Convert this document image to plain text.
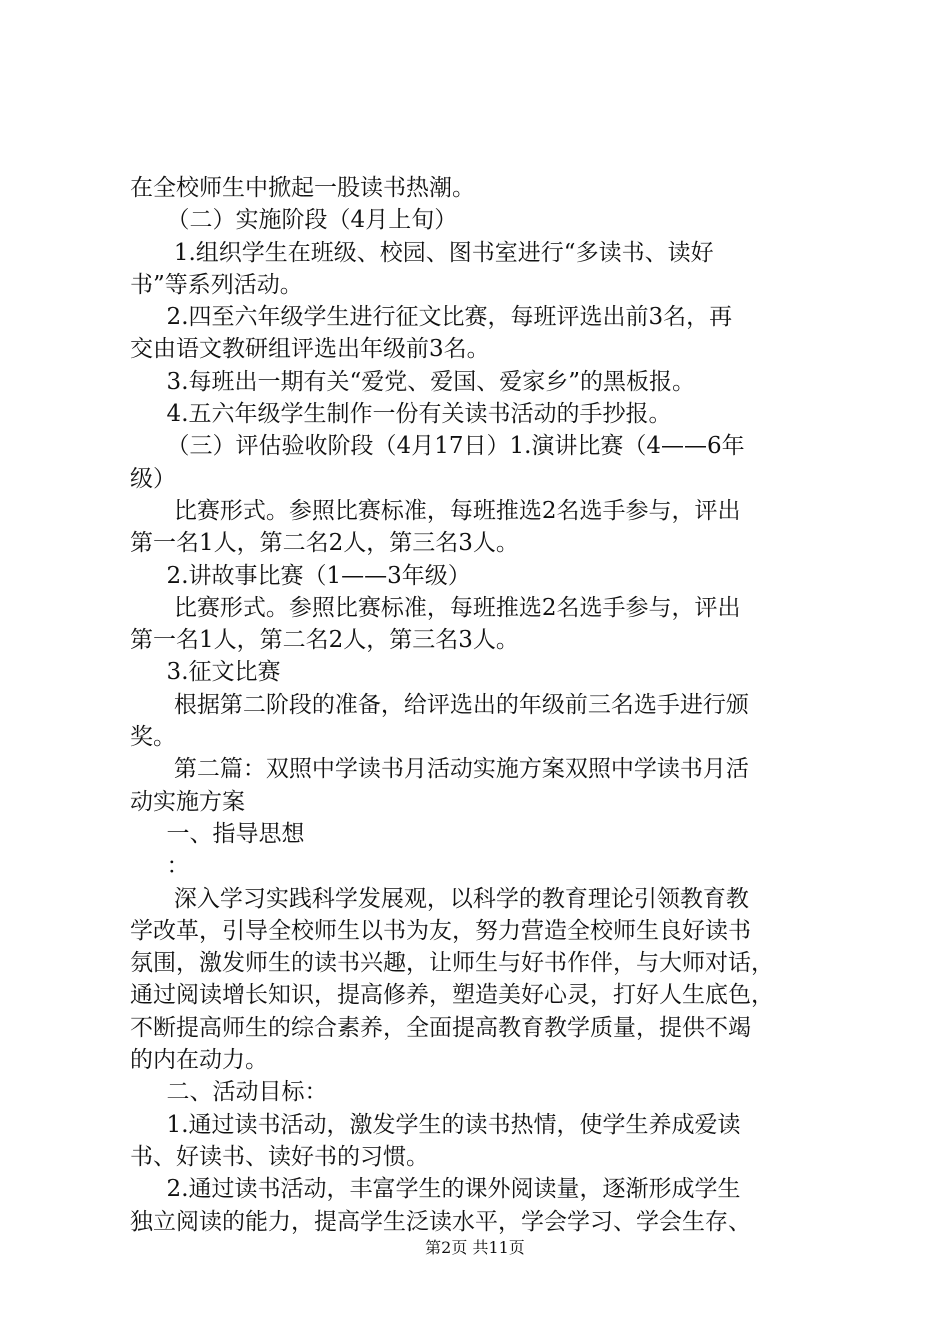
在全校师生中掀起一股读书热潮。
（二）实施阶段（4月上旬）
1.组织学生在班级、校园、图书室进行“多读书、读好
书”等系列活动。
2.四至六年级学生进行征文比赛，每班评选出前3名，再
交由语文教研组评选出年级前3名。
3.每班出一期有关“爱党、爱国、爱家乡”的黑板报。
4.五六年级学生制作一份有关读书活动的手抄报。
（三）评估验收阶段（4月17日）1.演讲比赛（4——6年
级）
比赛形式。参照比赛标准，每班推选2名选手参与，评出
第一名1人，第二名2人，第三名3人。
2.讲故事比赛（1——3年级）
比赛形式。参照比赛标准，每班推选2名选手参与，评出
第一名1人，第二名2人，第三名3人。
3.征文比赛
根据第二阶段的准备，给评选出的年级前三名选手进行颁
奖。
第二篇：双照中学读书月活动实施方案双照中学读书月活
动实施方案
一、指导思想
：
深入学习实践科学发展观，以科学的教育理论引领教育教
学改革，引导全校师生以书为友，努力营造全校师生良好读书
氛围，激发师生的读书兴趣，让师生与好书作伴，与大师对话，
通过阅读增长知识，提高修养，塑造美好心灵，打好人生底色，
不断提高师生的综合素养，全面提高教育教学质量，提供不竭
的内在动力。
二、活动目标：
1.通过读书活动，激发学生的读书热情，使学生养成爱读
书、好读书、读好书的习惯。
2.通过读书活动，丰富学生的课外阅读量，逐渐形成学生
独立阅读的能力，提高学生泛读水平，学会学习、学会生存、
第2页 共11页
